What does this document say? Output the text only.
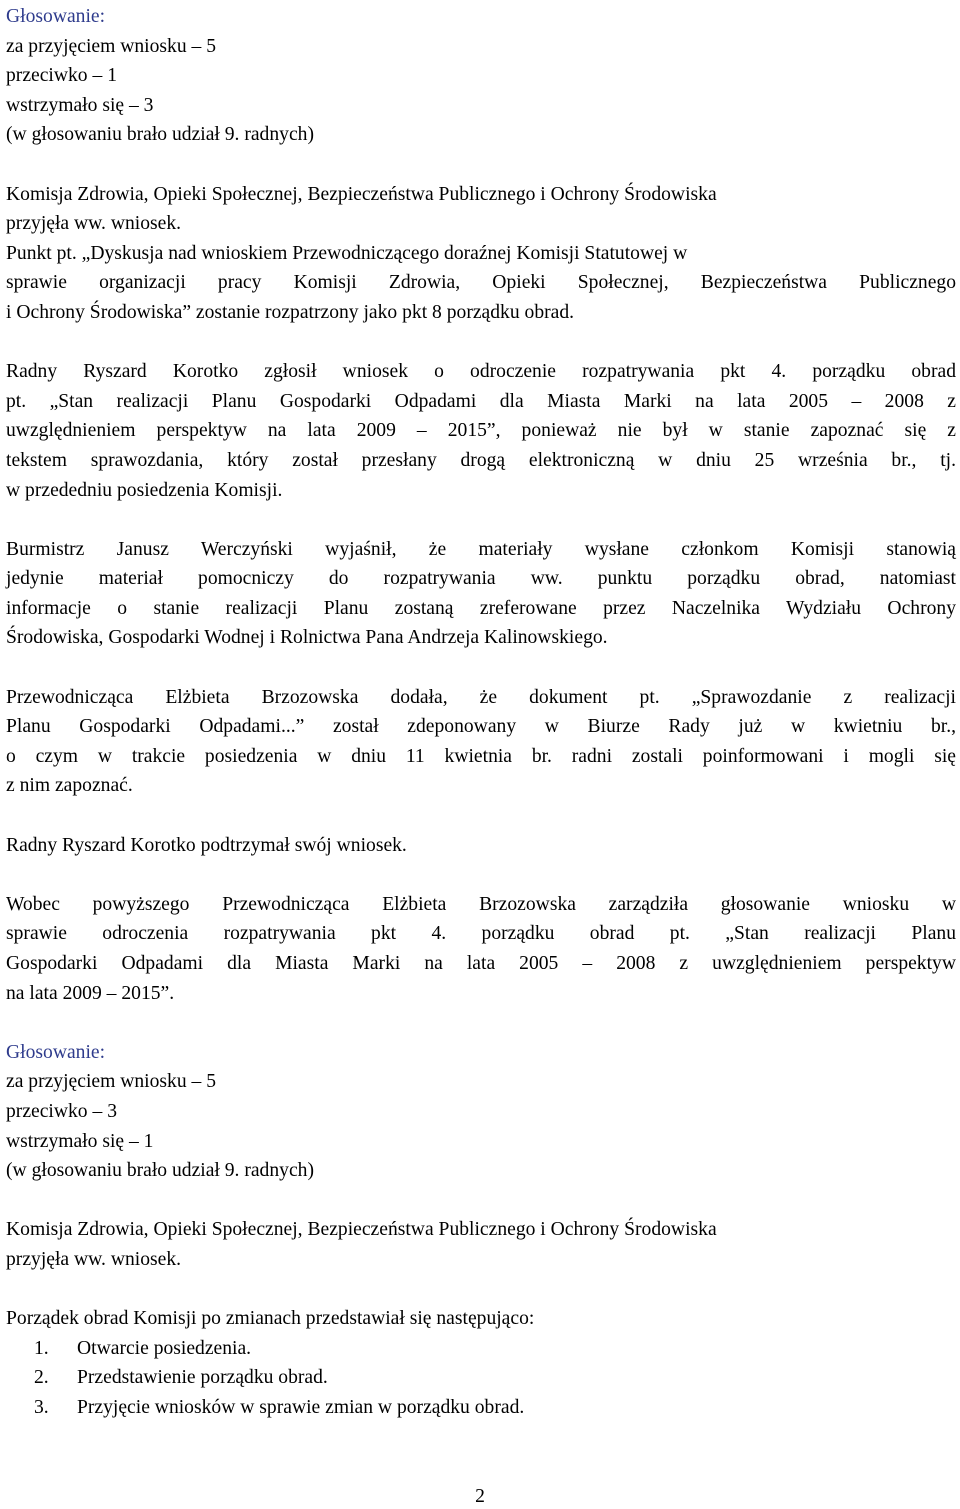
Głosowanie:
za przyjęciem wniosku – 5
przeciwko – 1
wstrzymało się – 3
(w głosowaniu brało udział 9. radnych)
Komisja Zdrowia, Opieki Społecznej, Bezpieczeństwa Publicznego i Ochrony Środowiska
przyjęła ww. wniosek.
Punkt pt. „Dyskusja nad wnioskiem Przewodniczącego doraźnej Komisji Statutowej w
sprawie organizacji pracy Komisji Zdrowia, Opieki Społecznej, Bezpieczeństwa Publicznego
i Ochrony Środowiska” zostanie rozpatrzony jako pkt 8 porządku obrad.
Radny Ryszard Korotko zgłosił wniosek o odroczenie rozpatrywania pkt 4. porządku obrad
pt. „Stan realizacji Planu Gospodarki Odpadami dla Miasta Marki na lata 2005 – 2008 z
uwzględnieniem perspektyw na lata 2009 – 2015”, ponieważ nie był w stanie zapoznać się z
tekstem sprawozdania, który został przesłany drogą elektroniczną w dniu 25 września br., tj.
w przededniu posiedzenia Komisji.
Burmistrz Janusz Werczyński wyjaśnił, że materiały wysłane członkom Komisji stanowią
jedynie materiał pomocniczy do rozpatrywania ww. punktu porządku obrad, natomiast
informacje o stanie realizacji Planu zostaną zreferowane przez Naczelnika Wydziału Ochrony
Środowiska, Gospodarki Wodnej i Rolnictwa Pana Andrzeja Kalinowskiego.
Przewodnicząca Elżbieta Brzozowska dodała, że dokument pt. „Sprawozdanie z realizacji
Planu Gospodarki Odpadami...” został zdeponowany w Biurze Rady już w kwietniu br.,
o czym w trakcie posiedzenia w dniu 11 kwietnia br. radni zostali poinformowani i mogli się
z nim zapoznać.
Radny Ryszard Korotko podtrzymał swój wniosek.
Wobec powyższego Przewodnicząca Elżbieta Brzozowska zarządziła głosowanie wniosku w
sprawie odroczenia rozpatrywania pkt 4. porządku obrad pt. „Stan realizacji Planu
Gospodarki Odpadami dla Miasta Marki na lata 2005 – 2008 z uwzględnieniem perspektyw
na lata 2009 – 2015”.
Głosowanie:
za przyjęciem wniosku – 5
przeciwko – 3
wstrzymało się – 1
(w głosowaniu brało udział 9. radnych)
Komisja Zdrowia, Opieki Społecznej, Bezpieczeństwa Publicznego i Ochrony Środowiska
przyjęła ww. wniosek.
Porządek obrad Komisji po zmianach przedstawiał się następująco:
1. Otwarcie posiedzenia.
2. Przedstawienie porządku obrad.
3. Przyjęcie wniosków w sprawie zmian w porządku obrad.
2
